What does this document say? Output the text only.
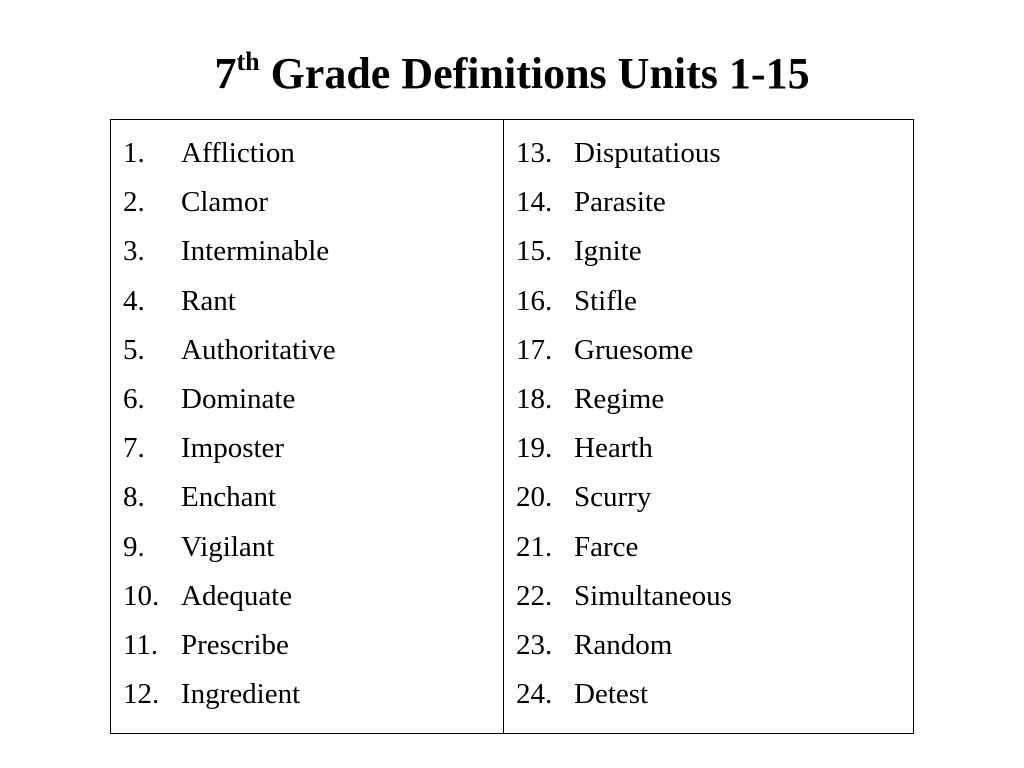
7th Grade Definitions Units 1-15
1.	Affliction
2.	Clamor
3.	Interminable
4.	Rant
5.	Authoritative
6.	Dominate
7.	Imposter
8.	Enchant
9.	Vigilant
10. Adequate
11. Prescribe
12. Ingredient
13. Disputatious
14. Parasite
15. Ignite
16. Stifle
17. Gruesome
18. Regime
19. Hearth
20. Scurry
21. Farce
22. Simultaneous
23. Random
24. Detest
